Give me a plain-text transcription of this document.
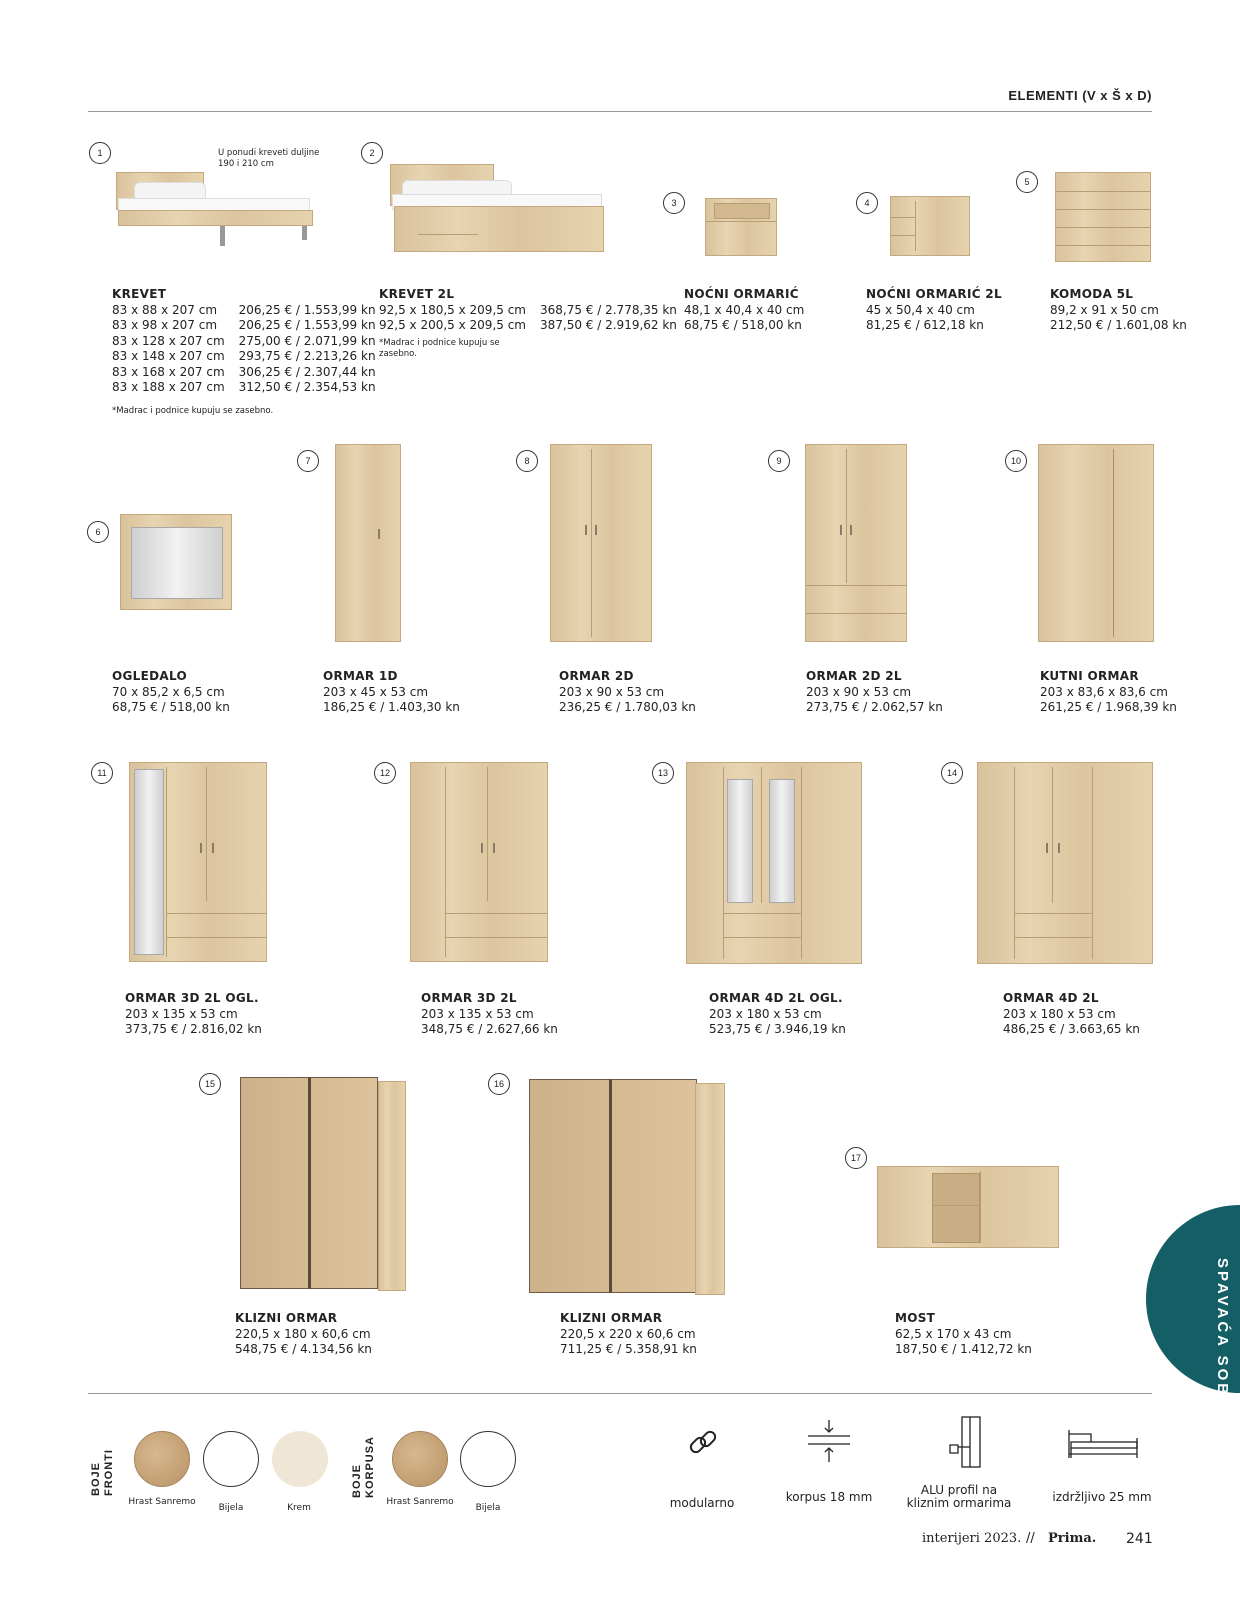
ELEMENTI (V x Š x D)
1	U ponudi kreveti duljine 190 i 210 cm
KREVET
83 x 88 x 207 cm	206,25 € / 1.553,99 kn
83 x 98 x 207 cm	206,25 € / 1.553,99 kn
83 x 128 x 207 cm	275,00 € / 2.071,99 kn
83 x 148 x 207 cm	293,75 € / 2.213,26 kn
83 x 168 x 207 cm	306,25 € / 2.307,44 kn
83 x 188 x 207 cm	312,50 € / 2.354,53 kn
*Madrac i podnice kupuju se zasebno.
2
KREVET 2L
92,5 x 180,5 x 209,5 cm	368,75 € / 2.778,35 kn
92,5 x 200,5 x 209,5 cm	387,50 € / 2.919,62 kn
*Madrac i podnice kupuju se zasebno.
3
NOĆNI ORMARIĆ
48,1 x 40,4 x 40 cm
68,75 € / 518,00 kn
4
NOĆNI ORMARIĆ 2L
45 x 50,4 x 40 cm
81,25 € / 612,18 kn
5
KOMODA 5L
89,2 x 91 x 50 cm
212,50 € / 1.601,08 kn
6
OGLEDALO
70 x 85,2 x 6,5 cm
68,75 € / 518,00 kn
7
ORMAR 1D
203 x 45 x 53 cm
186,25 € / 1.403,30 kn
8
ORMAR 2D
203 x 90 x 53 cm
236,25 € / 1.780,03 kn
9
ORMAR 2D 2L
203 x 90 x 53 cm
273,75 € / 2.062,57 kn
10
KUTNI ORMAR
203 x 83,6 x 83,6 cm
261,25 € / 1.968,39 kn
11
ORMAR 3D 2L OGL.
203 x 135 x 53 cm
373,75 € / 2.816,02 kn
12
ORMAR 3D 2L
203 x 135 x 53 cm
348,75 € / 2.627,66 kn
13
ORMAR 4D 2L OGL.
203 x 180 x 53 cm
523,75 € / 3.946,19 kn
14
ORMAR 4D 2L
203 x 180 x 53 cm
486,25 € / 3.663,65 kn
15
KLIZNI ORMAR
220,5 x 180 x 60,6 cm
548,75 € / 4.134,56 kn
16
KLIZNI ORMAR
220,5 x 220 x 60,6 cm
711,25 € / 5.358,91 kn
17
MOST
62,5 x 170 x 43 cm
187,50 € / 1.412,72 kn	SPAVAĆA SOBA
BOJE FRONTI
Hrast Sanremo
Bijela	Krem
BOJE KORPUSA
Hrast Sanremo
Bijela	modularno	korpus 18 mm	ALU profil na kliznim ormarima	izdržljivo 25 mm
interijeri 2023. // Prima. 241
